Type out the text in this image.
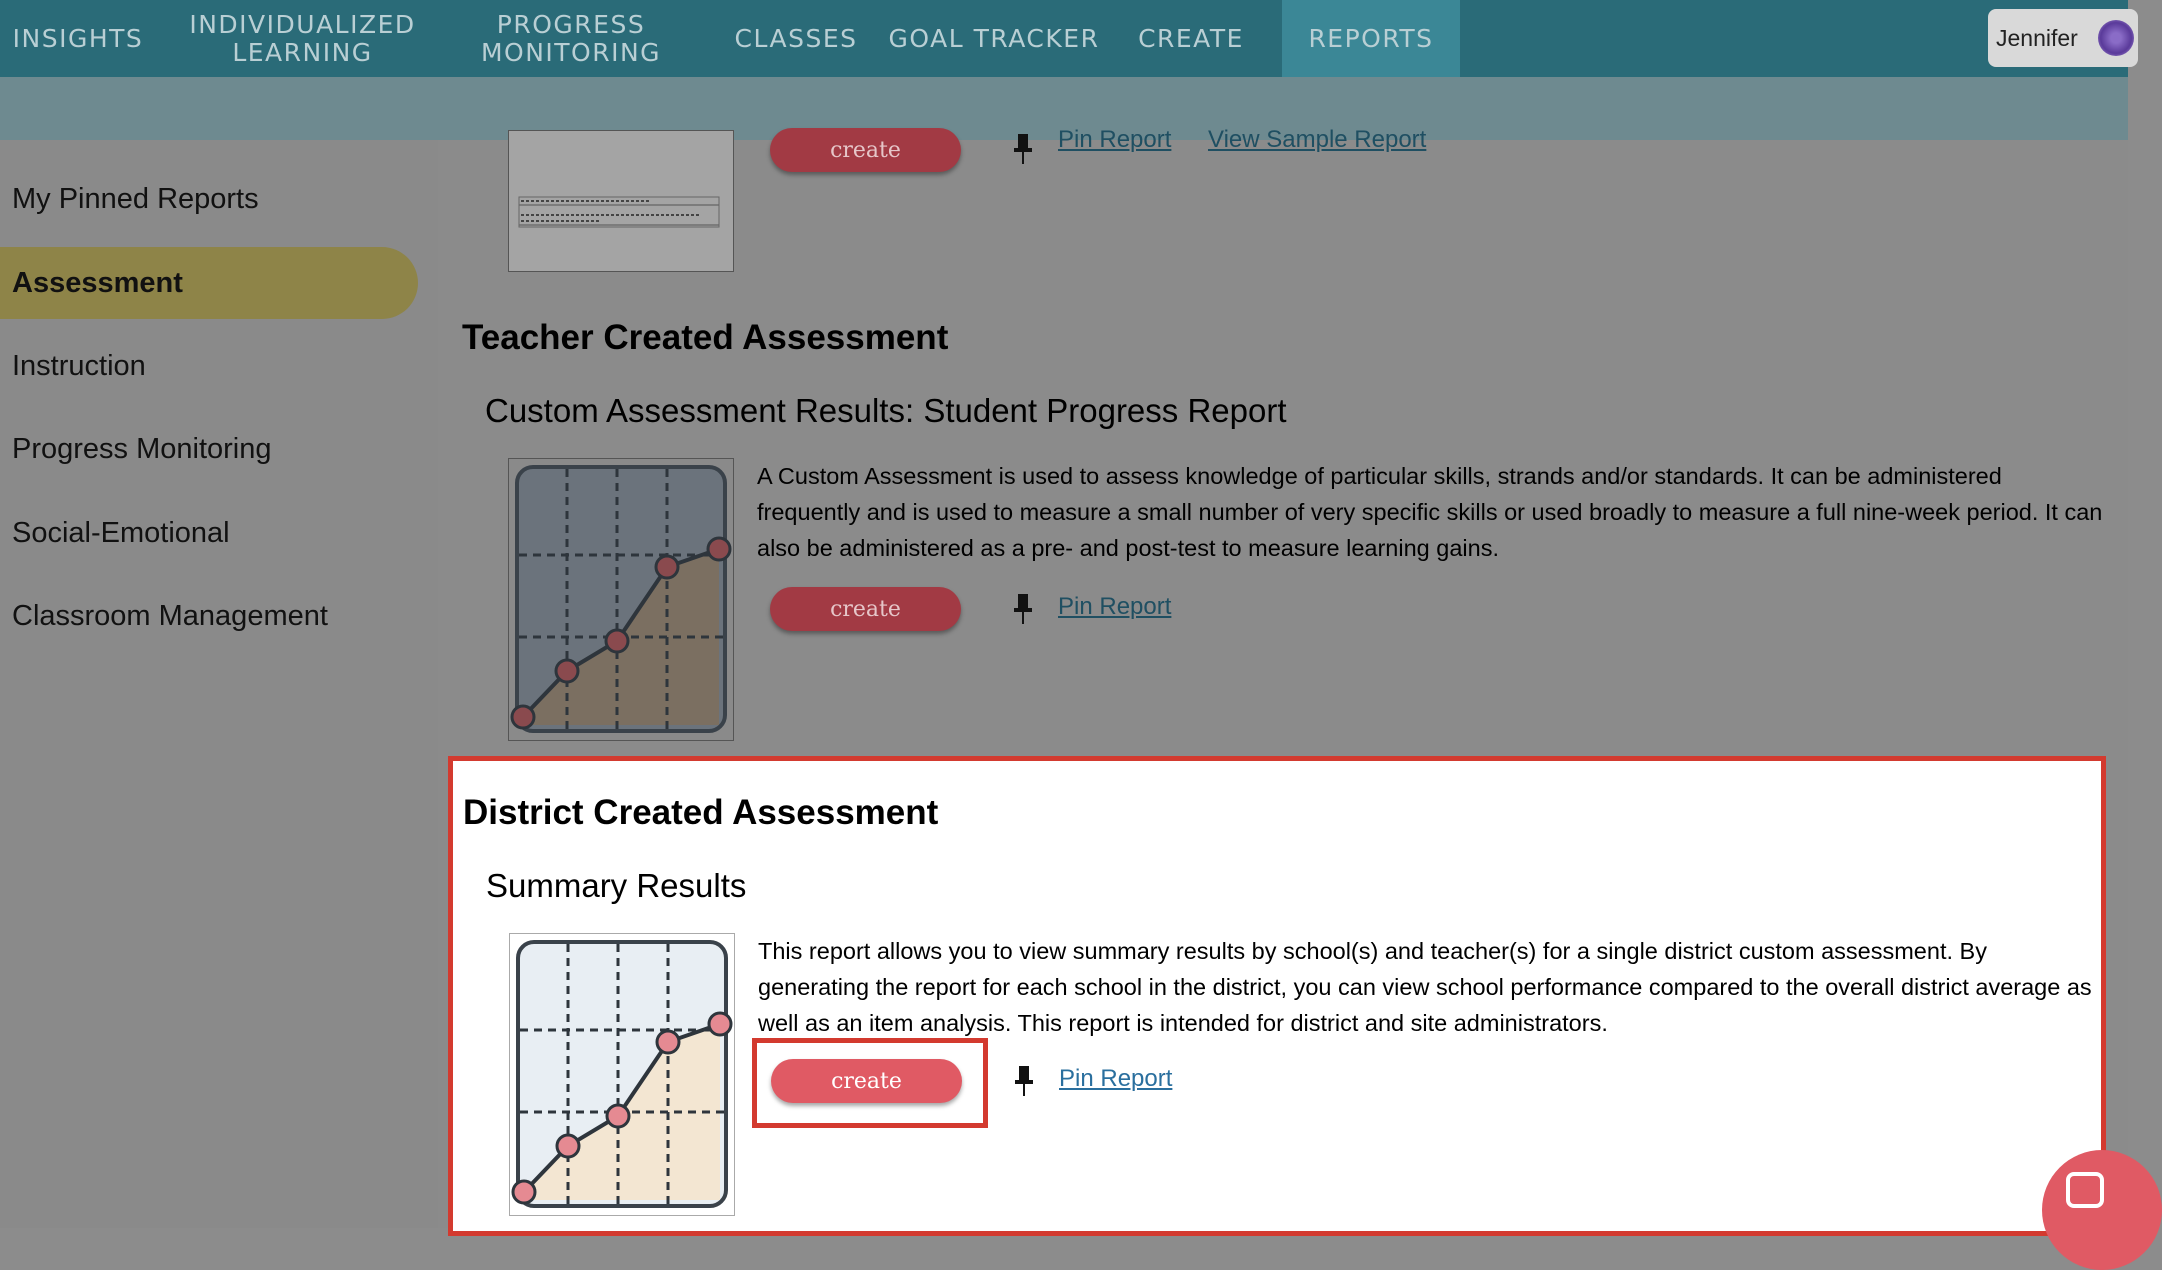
INSIGHTS	INDIVIDUALIZED
LEARNING
PROGRESS
MONITORING	CLASSES	GOAL TRACKER	CREATE	REPORTS	Jennifer
My Pinned Reports
Assessment
Instruction
Progress Monitoring
Social-Emotional
Classroom Management
create	Pin Report View Sample Report
Teacher Created Assessment
Custom Assessment Results: Student Progress Report
A Custom Assessment is used to assess knowledge of particular skills, strands and/or standards. It can be administered frequently and is used to measure a small number of very specific skills or used broadly to measure a full nine-week period. It can also be administered as a pre- and post-test to measure learning gains.
create	Pin Report
District Created Assessment
Summary Results
This report allows you to view summary results by school(s) and teacher(s) for a single district custom assessment. By generating the report for each school in the district, you can view school performance compared to the overall district average as well as an item analysis. This report is intended for district and site administrators.
create	Pin Report
